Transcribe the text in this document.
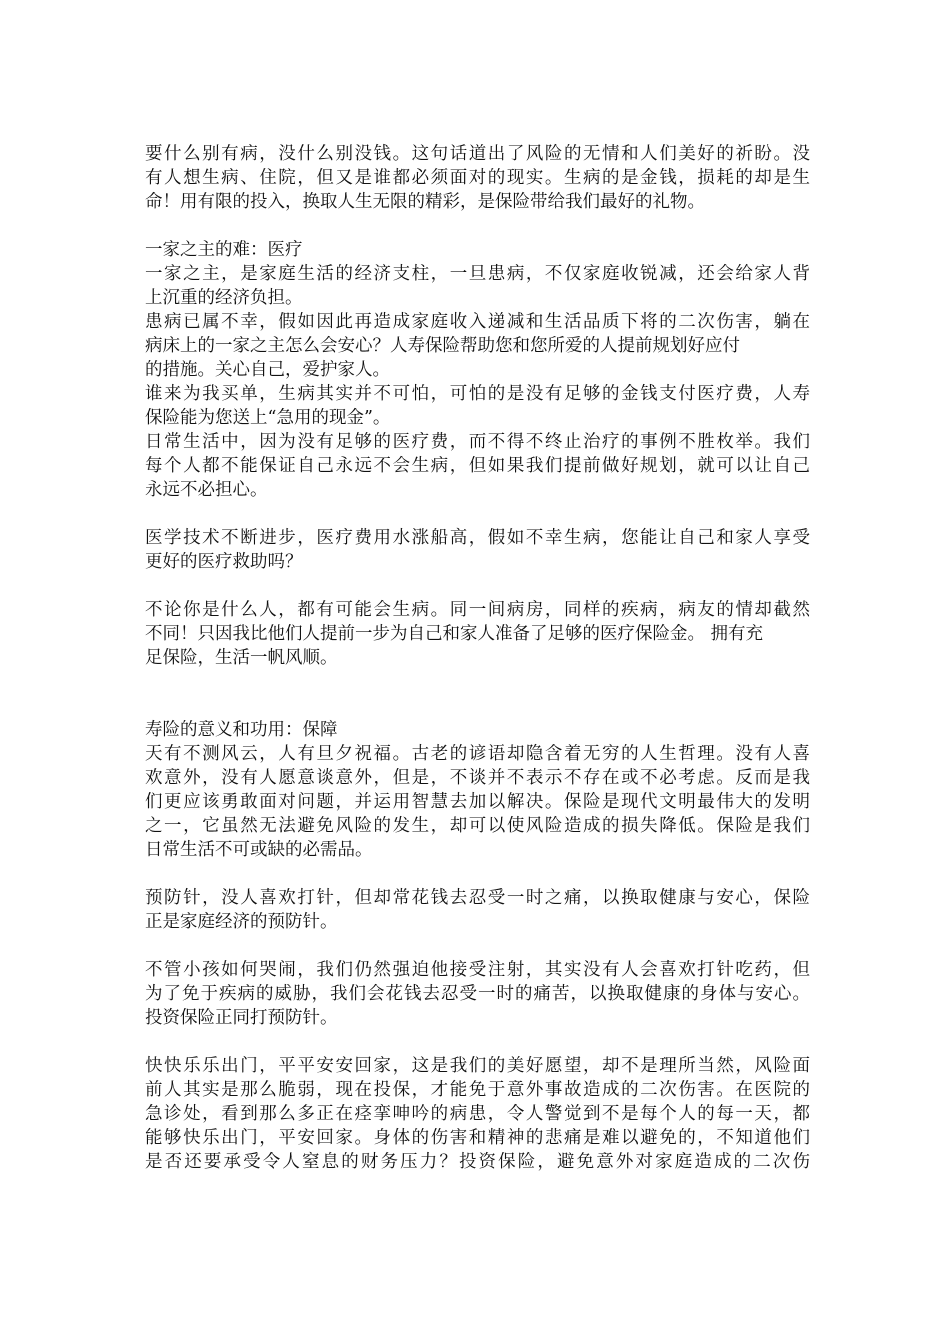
要什么别有病，没什么别没钱。这句话道出了风险的无情和人们美好的祈盼。没
有人想生病、住院，但又是谁都必须面对的现实。生病的是金钱，损耗的却是生
命！用有限的投入，换取人生无限的精彩，是保险带给我们最好的礼物。
一家之主的难：医疗
一家之主，是家庭生活的经济支柱，一旦患病，不仅家庭收锐减，还会给家人背
上沉重的经济负担。
患病已属不幸，假如因此再造成家庭收入递减和生活品质下将的二次伤害，躺在
病床上的一家之主怎么会安心？人寿保险帮助您和您所爱的人提前规划好应付
的措施。关心自己，爱护家人。
谁来为我买单，生病其实并不可怕，可怕的是没有足够的金钱支付医疗费，人寿
保险能为您送上“急用的现金”。
日常生活中，因为没有足够的医疗费，而不得不终止治疗的事例不胜枚举。我们
每个人都不能保证自己永远不会生病，但如果我们提前做好规划，就可以让自己
永远不必担心。
医学技术不断进步，医疗费用水涨船高，假如不幸生病，您能让自己和家人享受
更好的医疗救助吗？
不论你是什么人，都有可能会生病。同一间病房，同样的疾病，病友的情却截然
不同！只因我比他们人提前一步为自己和家人准备了足够的医疗保险金。 拥有充
足保险，生活一帆风顺。
寿险的意义和功用：保障
天有不测风云，人有旦夕祝福。古老的谚语却隐含着无穷的人生哲理。没有人喜
欢意外，没有人愿意谈意外，但是，不谈并不表示不存在或不必考虑。反而是我
们更应该勇敢面对问题，并运用智慧去加以解决。保险是现代文明最伟大的发明
之一，它虽然无法避免风险的发生，却可以使风险造成的损失降低。保险是我们
日常生活不可或缺的必需品。
预防针，没人喜欢打针，但却常花钱去忍受一时之痛，以换取健康与安心，保险
正是家庭经济的预防针。
不管小孩如何哭闹，我们仍然强迫他接受注射，其实没有人会喜欢打针吃药，但
为了免于疾病的威胁，我们会花钱去忍受一时的痛苦，以换取健康的身体与安心。
投资保险正同打预防针。
快快乐乐出门，平平安安回家，这是我们的美好愿望，却不是理所当然，风险面
前人其实是那么脆弱，现在投保，才能免于意外事故造成的二次伤害。在医院的
急诊处，看到那么多正在痉挛呻吟的病患，令人警觉到不是每个人的每一天，都
能够快乐出门，平安回家。身体的伤害和精神的悲痛是难以避免的，不知道他们
是否还要承受令人窒息的财务压力？投资保险，避免意外对家庭造成的二次伤
